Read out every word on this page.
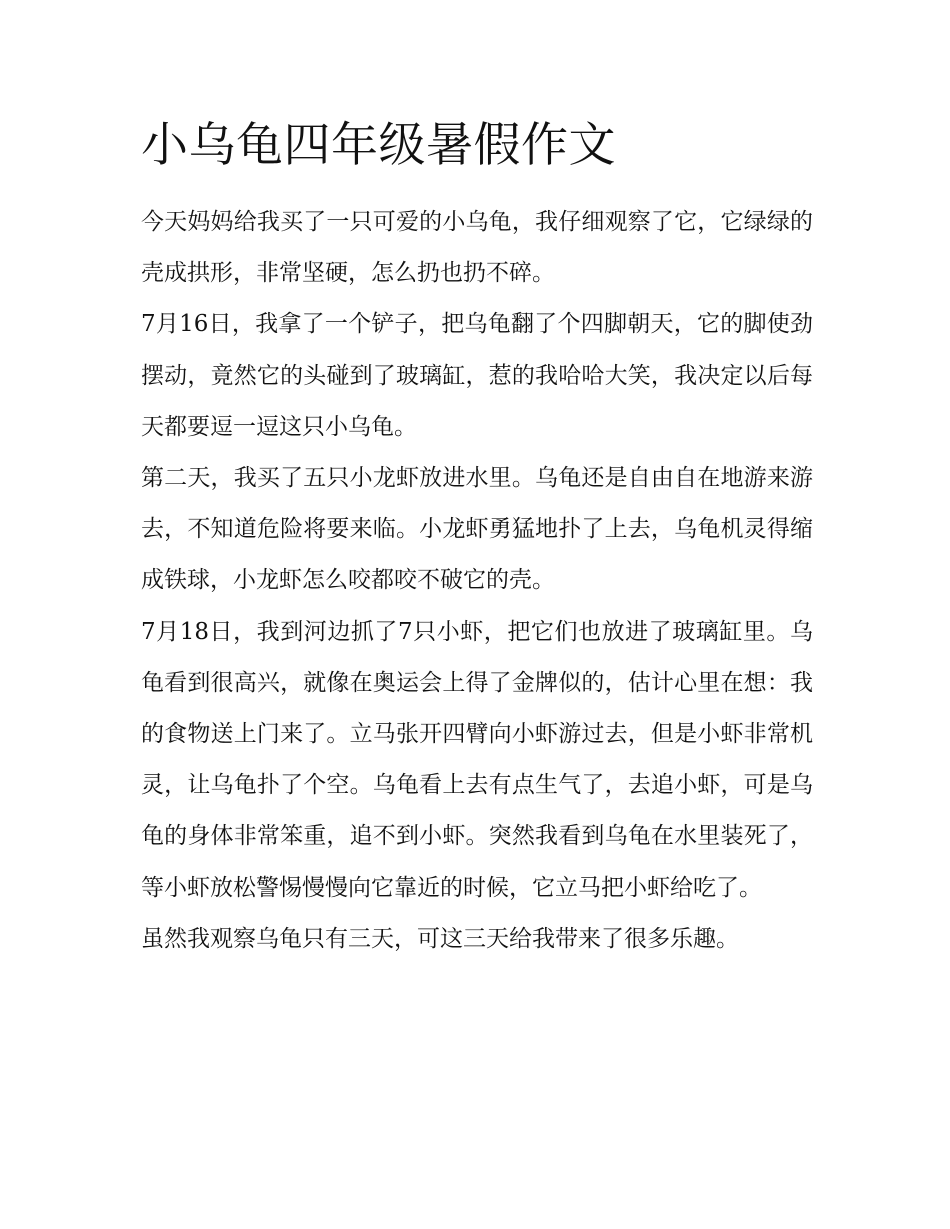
小乌龟四年级暑假作文

今天妈妈给我买了一只可爱的小乌龟，我仔细观察了它，它绿绿的壳成拱形，非常坚硬，怎么扔也扔不碎。

7月16日，我拿了一个铲子，把乌龟翻了个四脚朝天，它的脚使劲摆动，竟然它的头碰到了玻璃缸，惹的我哈哈大笑，我决定以后每天都要逗一逗这只小乌龟。

第二天，我买了五只小龙虾放进水里。乌龟还是自由自在地游来游去，不知道危险将要来临。小龙虾勇猛地扑了上去，乌龟机灵得缩成铁球，小龙虾怎么咬都咬不破它的壳。

7月18日，我到河边抓了7只小虾，把它们也放进了玻璃缸里。乌龟看到很高兴，就像在奥运会上得了金牌似的，估计心里在想：我的食物送上门来了。立马张开四臂向小虾游过去，但是小虾非常机灵，让乌龟扑了个空。乌龟看上去有点生气了，去追小虾，可是乌龟的身体非常笨重，追不到小虾。突然我看到乌龟在水里装死了，等小虾放松警惕慢慢向它靠近的时候，它立马把小虾给吃了。

虽然我观察乌龟只有三天，可这三天给我带来了很多乐趣。
